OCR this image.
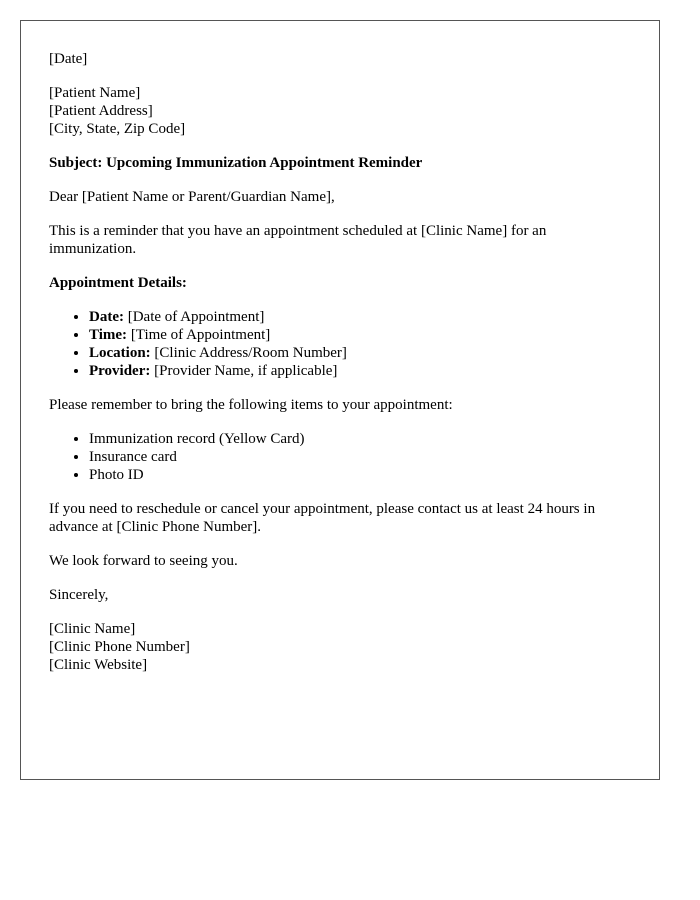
[Date]

[Patient Name]
[Patient Address]
[City, State, Zip Code]

Subject: Upcoming Immunization Appointment Reminder

Dear [Patient Name or Parent/Guardian Name],

This is a reminder that you have an appointment scheduled at [Clinic Name] for an immunization.

Appointment Details:

• Date: [Date of Appointment]
• Time: [Time of Appointment]
• Location: [Clinic Address/Room Number]
• Provider: [Provider Name, if applicable]

Please remember to bring the following items to your appointment:

• Immunization record (Yellow Card)
• Insurance card
• Photo ID

If you need to reschedule or cancel your appointment, please contact us at least 24 hours in advance at [Clinic Phone Number].

We look forward to seeing you.

Sincerely,

[Clinic Name]
[Clinic Phone Number]
[Clinic Website]
